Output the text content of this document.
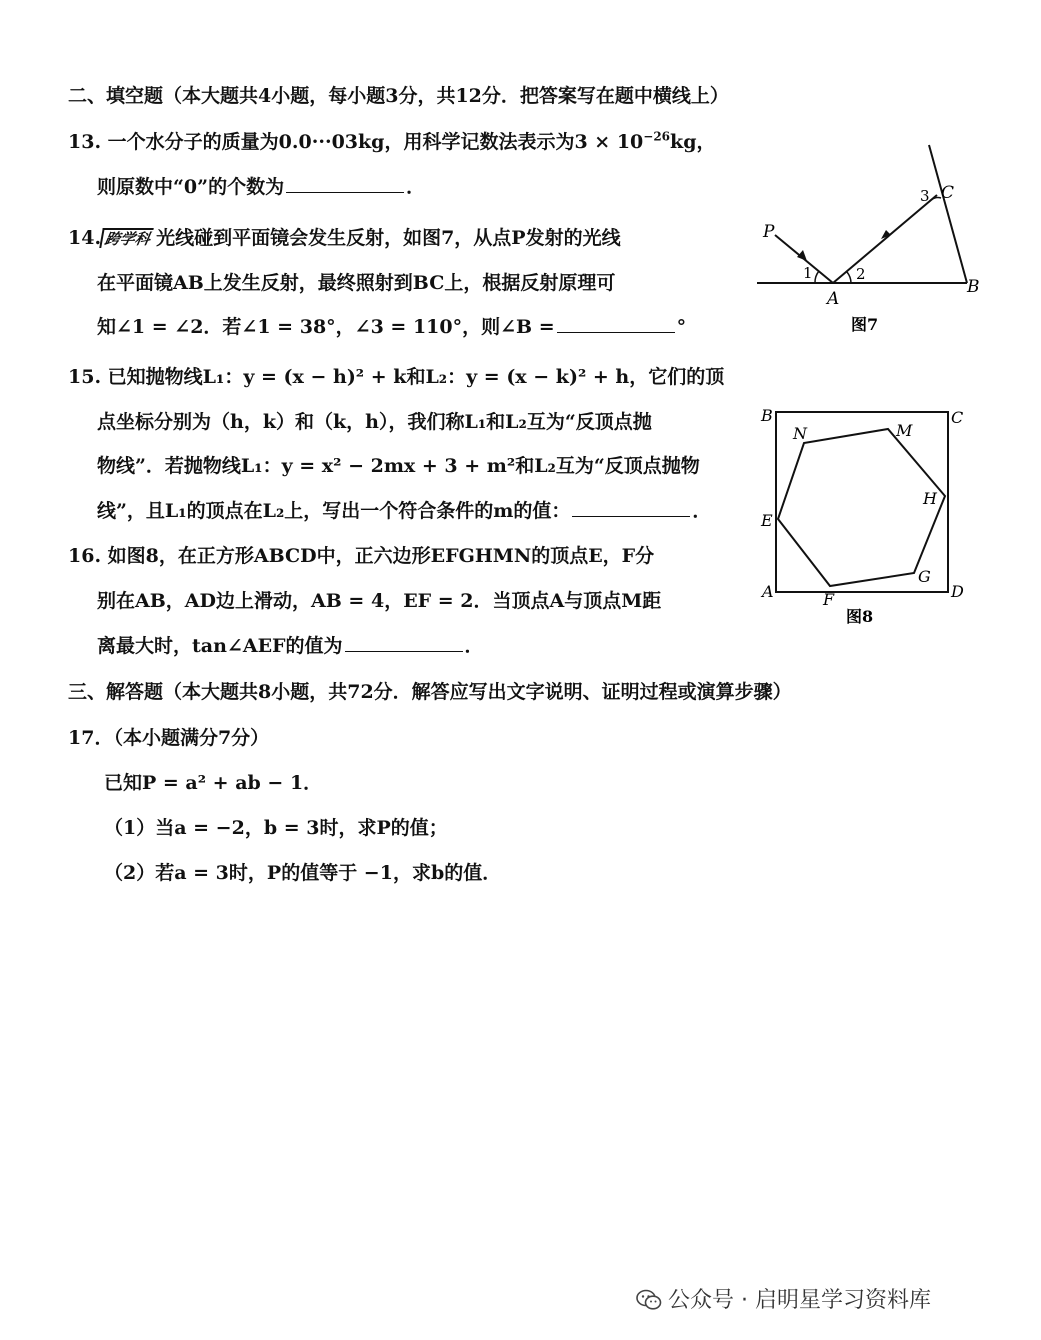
二、填空题（本大题共4小题，每小题3分，共12分．把答案写在题中横线上）
13. 一个水分子的质量为0.0···03kg，用科学记数法表示为$3 \times 10^{-26}kg$，
则原数中“0”的个数为	．
14. 跨学科 光线碰到平面镜会发生反射，如图7，从点P发射的光线
在平面镜AB上发生反射，最终照射到BC上，根据反射原理可
知∠1 = ∠2．若∠1 = 38°，∠3 = 110°，则∠B =	°
15. 已知抛物线L₁：y = (x − h)² + k和L₂：y = (x − k)² + h，它们的顶
点坐标分别为（h，k）和（k，h），我们称L₁和L₂互为“反顶点抛
物线”．若抛物线L₁：y = x² − 2mx + 3 + m²和L₂互为“反顶点抛物
线”，且L₁的顶点在L₂上，写出一个符合条件的m的值：	．
16. 如图8，在正方形ABCD中，正六边形EFGHMN的顶点E，F分
别在AB，AD边上滑动，AB = 4，EF = 2．当顶点A与顶点M距
离最大时，tan∠AEF的值为	．
三、解答题（本大题共8小题，共72分．解答应写出文字说明、证明过程或演算步骤）
17．（本小题满分7分）
已知P = a² + ab − 1．
（1）当a = −2，b = 3时，求P的值；
（2）若a = 3时，P的值等于 −1，求b的值．
P
1	2
3 C
A
B
图7
B	C
A	D
N	M
H
E
G
F
图8
公众号 · 启明星学习资料库
